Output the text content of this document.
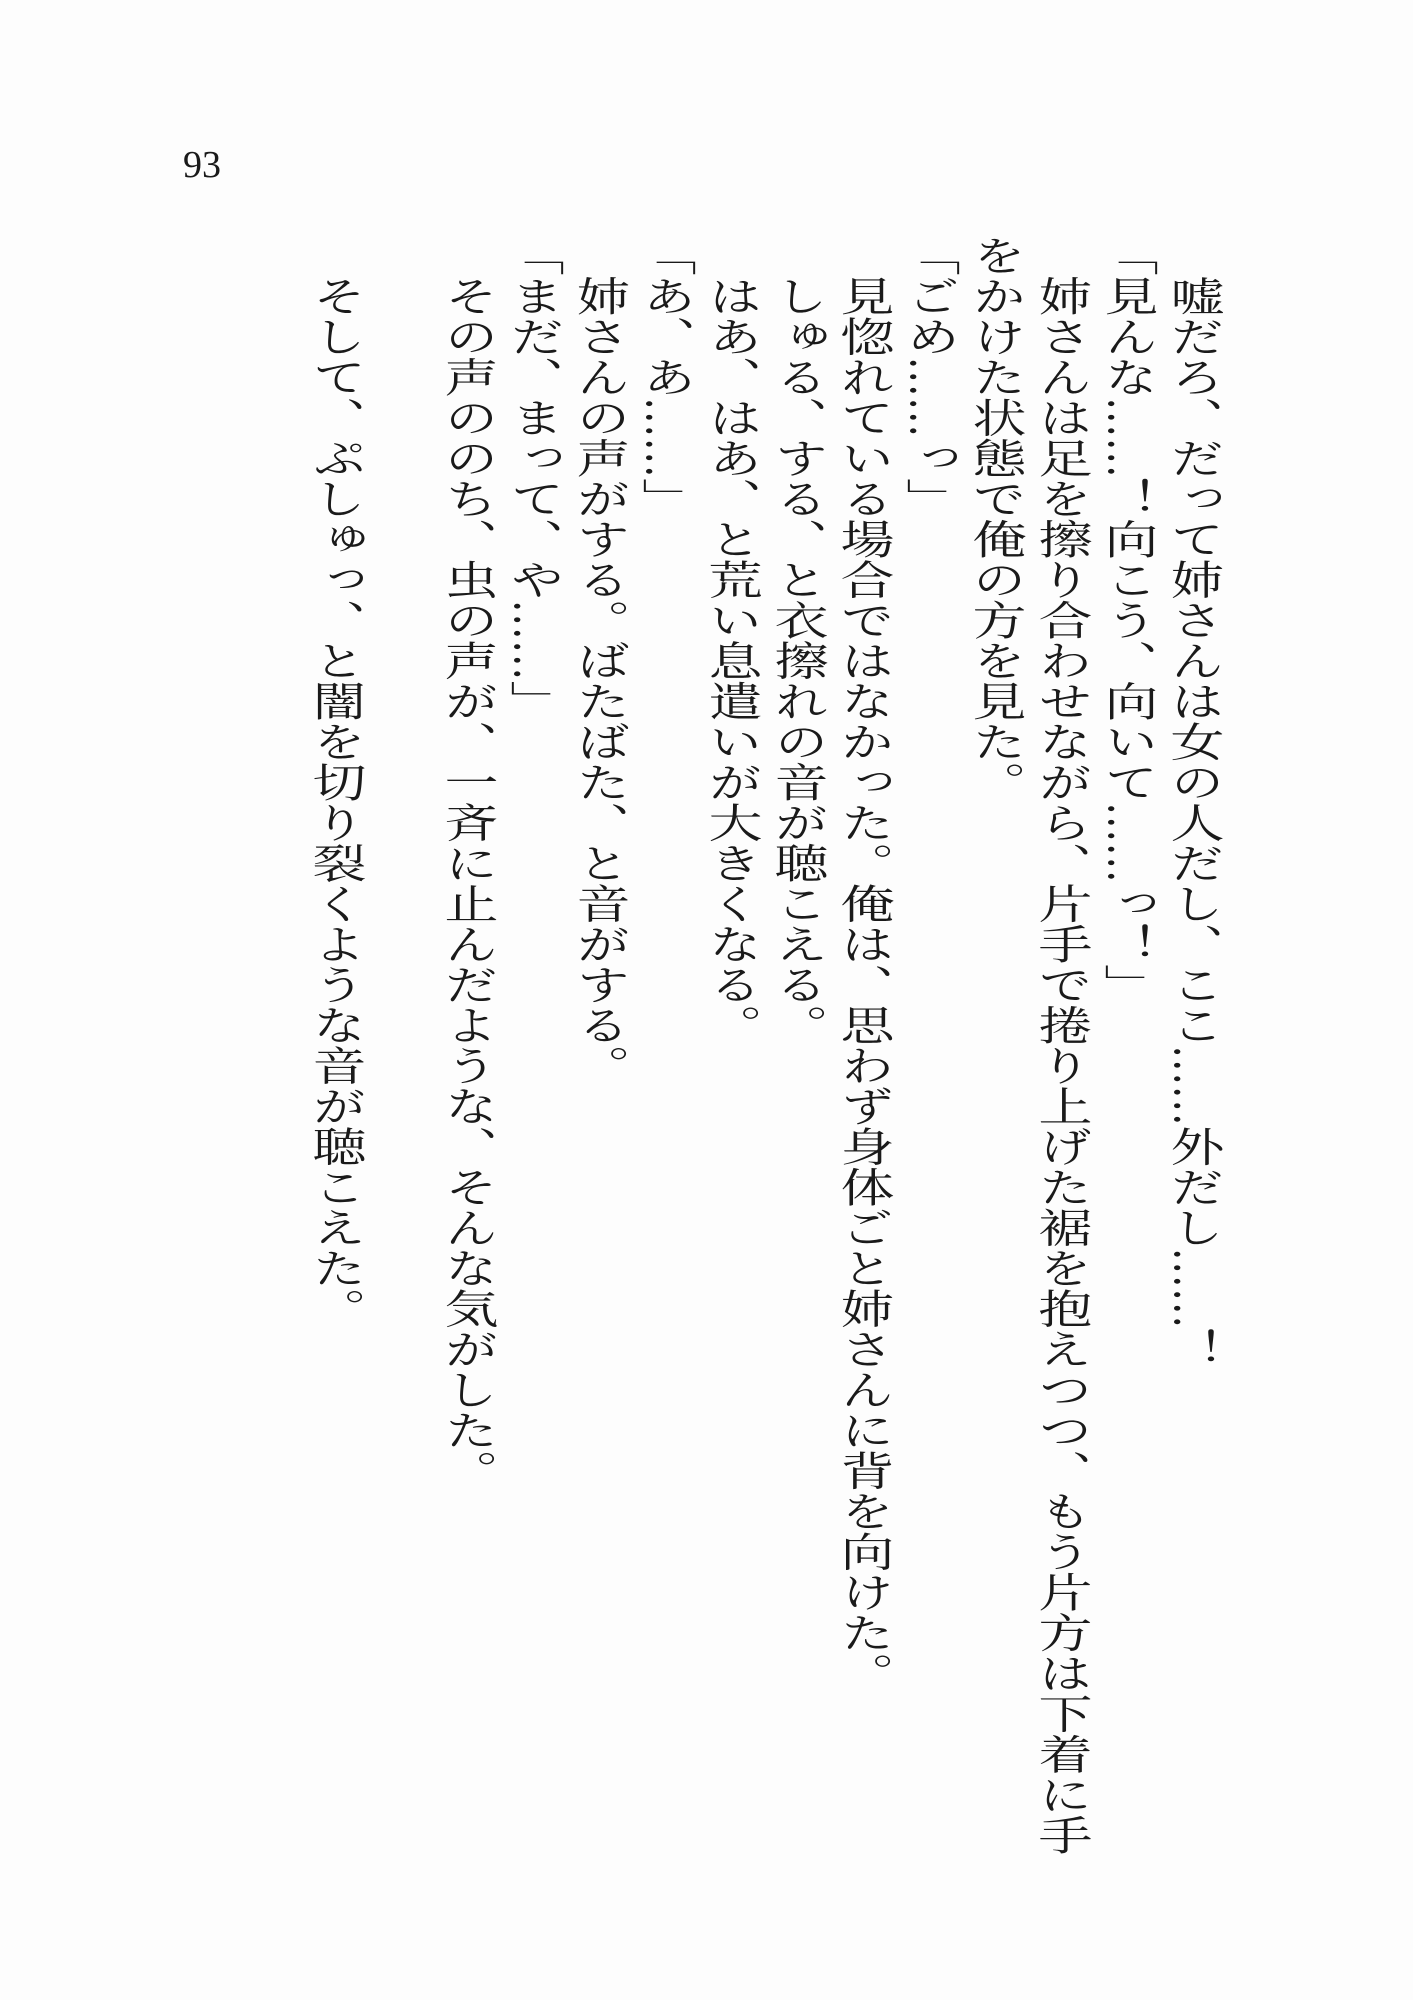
93

　嘘だろ、だって姉さんは女の人だし、ここ……外だし……！

「見んな……！向こう、向いて……っ！」

　姉さんは足を擦り合わせながら、片手で捲り上げた裾を抱えつつ、もう片方は下着に手をかけた状態で俺の方を見た。

「ごめ……っ」

　見惚れている場合ではなかった。俺は、思わず身体ごと姉さんに背を向けた。

　しゅる、する、と衣擦れの音が聴こえる。

　はあ、はあ、と荒い息遣いが大きくなる。

「あ、あ……」

　姉さんの声がする。ばたばた、と音がする。

「まだ、まって、や……」

　その声ののち、虫の声が、一斉に止んだような、そんな気がした。

　そして、ぷしゅっ、と闇を切り裂くような音が聴こえた。
